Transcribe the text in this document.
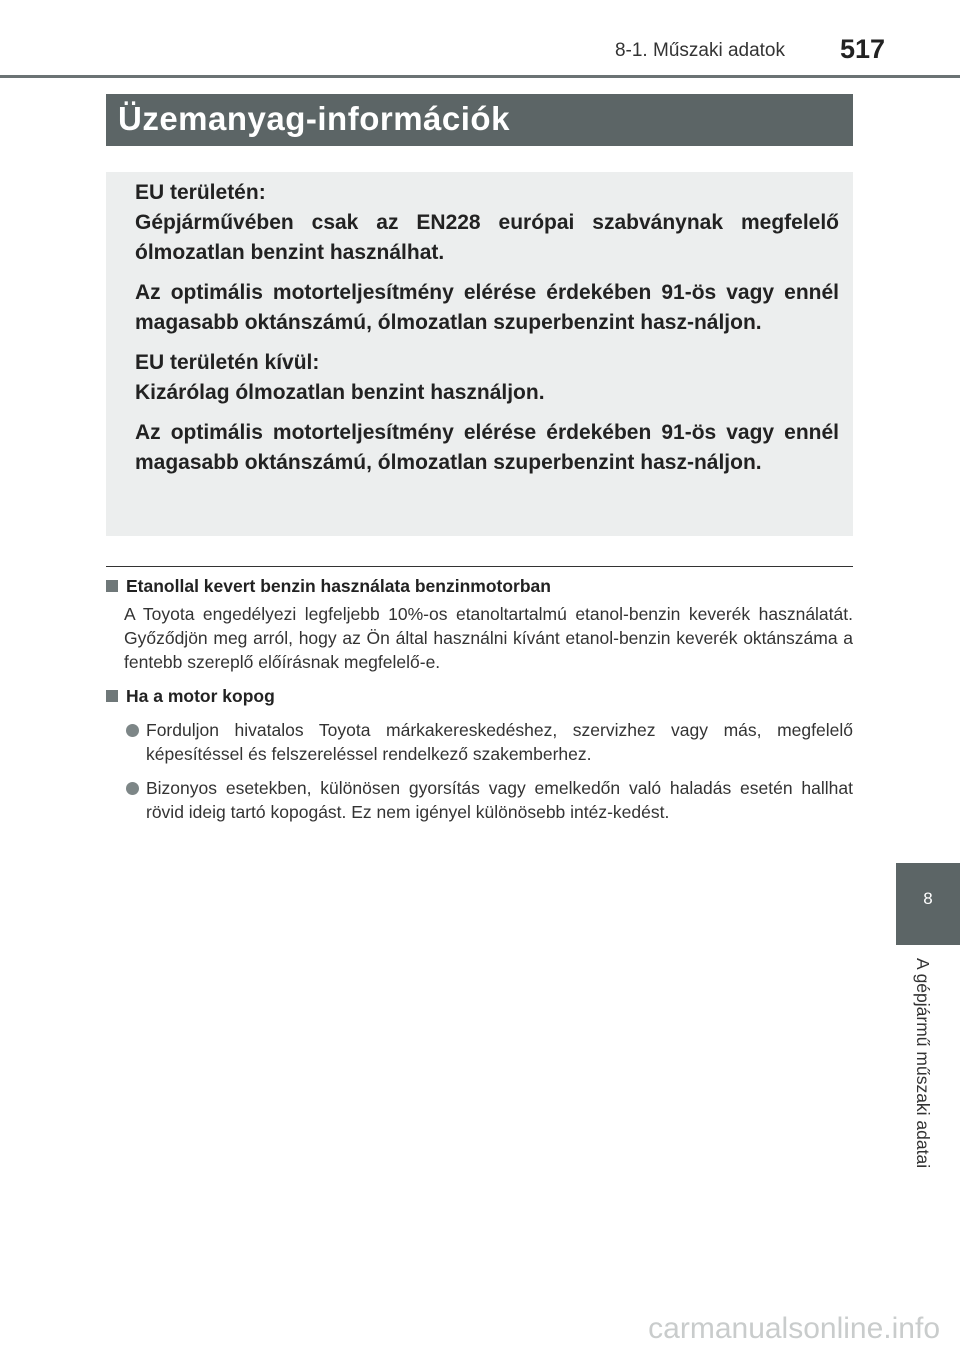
8-1. Műszaki adatok	517
Üzemanyag-információk

EU területén:

Gépjárművében csak az EN228 európai szabványnak megfelelő ólmozatlan benzint használhat.

Az optimális motorteljesítmény elérése érdekében 91-ös vagy ennél magasabb oktánszámú, ólmozatlan szuperbenzint hasz-náljon.

EU területén kívül:

Kizárólag ólmozatlan benzint használjon.

Az optimális motorteljesítmény elérése érdekében 91-ös vagy ennél magasabb oktánszámú, ólmozatlan szuperbenzint hasz-náljon.

Etanollal kevert benzin használata benzinmotorban

A Toyota engedélyezi legfeljebb 10%-os etanoltartalmú etanol-benzin keverék használatát. Győződjön meg arról, hogy az Ön által használni kívánt etanol-benzin keverék oktánszáma a fentebb szereplő előírásnak megfelelő-e.

Ha a motor kopog
Forduljon hivatalos Toyota márkakereskedéshez, szervizhez vagy más, megfelelő képesítéssel és felszereléssel rendelkező szakemberhez.
Bizonyos esetekben, különösen gyorsítás vagy emelkedőn való haladás esetén hallhat rövid ideig tartó kopogást. Ez nem igényel különösebb intéz-kedést.
8
A gépjármű műszaki adatai
carmanualsonline.info
